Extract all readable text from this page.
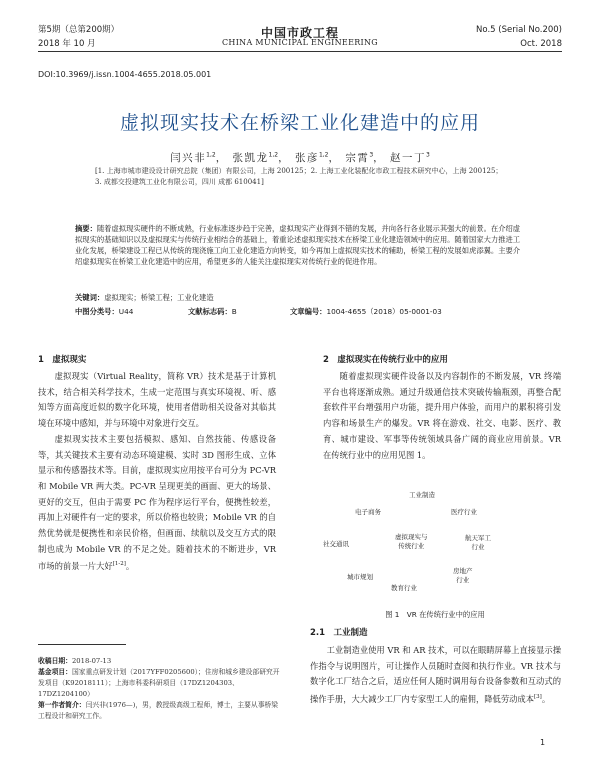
第5期（总第200期）
2018 年 10 月
中国市政工程
CHINA MUNICIPAL ENGINEERING
No.5 (Serial No.200)
Oct. 2018
DOI:10.3969/j.issn.1004-4655.2018.05.001
虚拟现实技术在桥梁工业化建造中的应用
闫兴非$^{1,2}$， 张凯龙$^{1,2}$， 张彦$^{1,2}$， 宗霄$^3$， 赵一丁$^3$
[1. 上海市城市建设设计研究总院（集团）有限公司，上海 200125；2. 上海工业化装配化市政工程技术研究中心，上海 200125；3. 成都交投建筑工业化有限公司，四川 成都 610041]
摘要：随着虚拟现实硬件的不断成熟，行业标准逐步趋于完善，虚拟现实产业得到不错的发展，并向各行各业展示其强大的前景。在介绍虚拟现实的基础知识以及虚拟现实与传统行业相结合的基础上，着重论述虚拟现实技术在桥梁工业化建造领域中的应用。随着国家大力推进工业化发展，桥梁建设工程已从传统的现浇施工向工业化建造方向转变，如今再加上虚拟现实技术的辅助，桥梁工程的发展如虎添翼。主要介绍虚拟现实在桥梁工业化建造中的应用，希望更多的人能关注虚拟现实对传统行业的促进作用。
关键词：虚拟现实；桥梁工程；工业化建造
中图分类号：U44	文献标志码：B	文章编号：1004-4655（2018）05-0001-03
1　虚拟现实

虚拟现实（Virtual Reality，简称 VR）技术是基于计算机技术，结合相关科学技术，生成一定范围与真实环境视、听、感知等方面高度近似的数字化环境，使用者借助相关设备对其临其境在环境中感知，并与环境中对象进行交互。

虚拟现实技术主要包括模拟、感知、自然技能、传感设备等，其关键技术主要有动态环境建模、实时 3D 图形生成、立体显示和传感器技术等。目前，虚拟现实应用按平台可分为 PC-VR 和 Mobile VR 两大类。PC-VR 呈现更美的画面、更大的场景、更好的交互，但由于需要 PC 作为程序运行平台，便携性较差，再加上对硬件有一定的要求，所以价格也较贵；Mobile VR 的自然优势就是便携性和亲民价格，但画面、续航以及交互方式的限制也成为 Mobile VR 的不足之处。随着技术的不断进步，VR 市场的前景一片大好[1-2]。

收稿日期：2018-07-13
基金项目：国家重点研发计划（2017YFF0205600）；住房和城乡建设部研究开发项目（K92018111）；上海市科委科研项目（17DZ1204303、17DZ1204100）
第一作者简介：闫兴非(1976—)，男，教授级高级工程师，博士，主要从事桥梁工程设计和研究工作。
2　虚拟现实在传统行业中的应用

随着虚拟现实硬件设备以及内容制作的不断发展，VR 终端平台也将逐渐成熟。通过升级通信技术突破传输瓶颈，再整合配套软件平台增强用户功能，提升用户体验，而用户的累积将引发内容和场景生产的爆发。VR 将在游戏、社交、电影、医疗、教育、城市建设、军事等传统领域具备广阔的商业应用前景。VR 在传统行业中的应用见图 1。

工业制造
电子商务	医疗行业
社交通讯
虚拟现实与
传统行业
航天军工
行业
城市规划
房地产
行业
教育行业
图 1　VR 在传统行业中的应用
2.1　工业制造

工业制造业使用 VR 和 AR 技术，可以在眼睛屏幕上直接显示操作指令与说明图片，可让操作人员随时查阅和执行作业。VR 技术与数字化工厂结合之后，适应任何人随时调用每台设备参数和互动式的操作手册，大大减少工厂内专家型工人的雇佣，降低劳动成本[3]。

1
